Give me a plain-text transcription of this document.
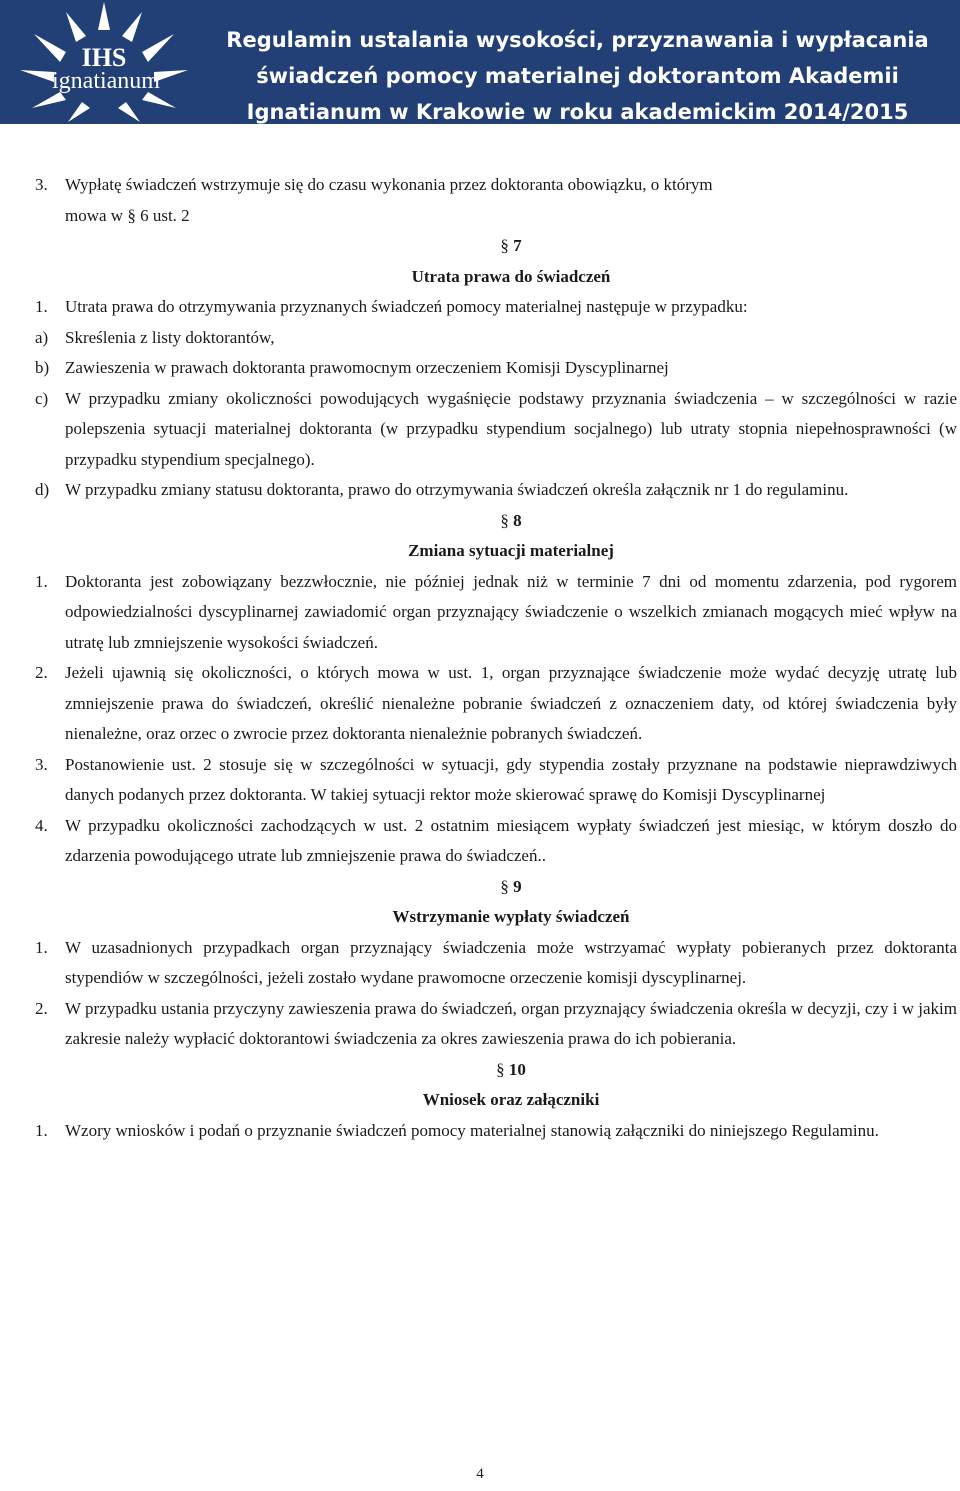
IHS
ignatianum
Regulamin ustalania wysokości, przyznawania i wypłacania
świadczeń pomocy materialnej doktorantom Akademii
Ignatianum w Krakowie w roku akademickim 2014/2015
3. Wypłatę świadczeń wstrzymuje się do czasu wykonania przez doktoranta obowiązku, o którym
mowa w § 6 ust. 2
§ 7
Utrata prawa do świadczeń
1. Utrata prawa do otrzymywania przyznanych świadczeń pomocy materialnej następuje w przypadku:
a) Skreślenia z listy doktorantów,
b) Zawieszenia w prawach doktoranta prawomocnym orzeczeniem Komisji Dyscyplinarnej
c) W przypadku zmiany okoliczności powodujących wygaśnięcie podstawy przyznania świadczenia – w szczególności w razie polepszenia sytuacji materialnej doktoranta (w przypadku stypendium socjalnego) lub utraty stopnia niepełnosprawności (w przypadku stypendium specjalnego).
d) W przypadku zmiany statusu doktoranta, prawo do otrzymywania świadczeń określa załącznik nr 1 do regulaminu.
§ 8
Zmiana sytuacji materialnej
1. Doktoranta jest zobowiązany bezzwłocznie, nie później jednak niż w terminie 7 dni od momentu zdarzenia, pod rygorem odpowiedzialności dyscyplinarnej zawiadomić organ przyznający świadczenie o wszelkich zmianach mogących mieć wpływ na utratę lub zmniejszenie wysokości świadczeń.
2. Jeżeli ujawnią się okoliczności, o których mowa w ust. 1, organ przyznające świadczenie może wydać decyzję utratę lub zmniejszenie prawa do świadczeń, określić nienależne pobranie świadczeń z oznaczeniem daty, od której świadczenia były nienależne, oraz orzec o zwrocie przez doktoranta nienależnie pobranych świadczeń.
3. Postanowienie ust. 2 stosuje się w szczególności w sytuacji, gdy stypendia zostały przyznane na podstawie nieprawdziwych danych podanych przez doktoranta. W takiej sytuacji rektor może skierować sprawę do Komisji Dyscyplinarnej
4. W przypadku okoliczności zachodzących w ust. 2 ostatnim miesiącem wypłaty świadczeń jest miesiąc, w którym doszło do zdarzenia powodującego utrate lub zmniejszenie prawa do świadczeń..
§ 9
Wstrzymanie wypłaty świadczeń
1. W uzasadnionych przypadkach organ przyznający świadczenia może wstrzyamać wypłaty pobieranych przez doktoranta stypendiów w szczególności, jeżeli zostało wydane prawomocne orzeczenie komisji dyscyplinarnej.
2. W przypadku ustania przyczyny zawieszenia prawa do świadczeń, organ przyznający świadczenia określa w decyzji, czy i w jakim zakresie należy wypłacić doktorantowi świadczenia za okres zawieszenia prawa do ich pobierania.
§ 10
Wniosek oraz załączniki
1. Wzory wniosków i podań o przyznanie świadczeń pomocy materialnej stanowią załączniki do niniejszego Regulaminu.
4
